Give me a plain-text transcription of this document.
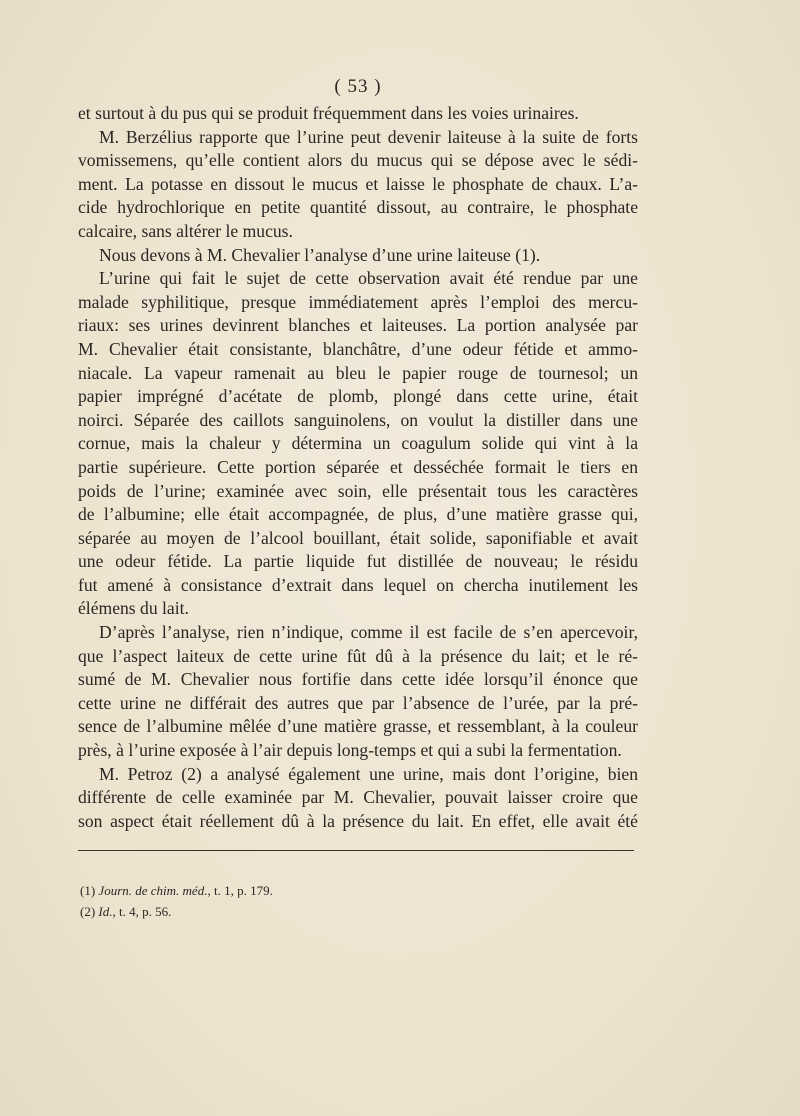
( 53 )
et surtout à du pus qui se produit fréquemment dans les voies urinaires.
M. Berzélius rapporte que l’urine peut devenir laiteuse à la suite de forts
vomissemens, qu’elle contient alors du mucus qui se dépose avec le sédi-
ment. La potasse en dissout le mucus et laisse le phosphate de chaux. L’a-
cide hydrochlorique en petite quantité dissout, au contraire, le phosphate
calcaire, sans altérer le mucus.
Nous devons à M. Chevalier l’analyse d’une urine laiteuse (1).
L’urine qui fait le sujet de cette observation avait été rendue par une
malade syphilitique, presque immédiatement après l’emploi des mercu-
riaux: ses urines devinrent blanches et laiteuses. La portion analysée par
M. Chevalier était consistante, blanchâtre, d’une odeur fétide et ammo-
niacale. La vapeur ramenait au bleu le papier rouge de tournesol; un
papier imprégné d’acétate de plomb, plongé dans cette urine, était
noirci. Séparée des caillots sanguinolens, on voulut la distiller dans une
cornue, mais la chaleur y détermina un coagulum solide qui vint à la
partie supérieure. Cette portion séparée et desséchée formait le tiers en
poids de l’urine; examinée avec soin, elle présentait tous les caractères
de l’albumine; elle était accompagnée, de plus, d’une matière grasse qui,
séparée au moyen de l’alcool bouillant, était solide, saponifiable et avait
une odeur fétide. La partie liquide fut distillée de nouveau; le résidu
fut amené à consistance d’extrait dans lequel on chercha inutilement les
élémens du lait.
D’après l’analyse, rien n’indique, comme il est facile de s’en apercevoir,
que l’aspect laiteux de cette urine fût dû à la présence du lait; et le ré-
sumé de M. Chevalier nous fortifie dans cette idée lorsqu’il énonce que
cette urine ne différait des autres que par l’absence de l’urée, par la pré-
sence de l’albumine mêlée d’une matière grasse, et ressemblant, à la couleur
près, à l’urine exposée à l’air depuis long-temps et qui a subi la fermentation.
M. Petroz (2) a analysé également une urine, mais dont l’origine, bien
différente de celle examinée par M. Chevalier, pouvait laisser croire que
son aspect était réellement dû à la présence du lait. En effet, elle avait été
(1) Journ. de chim. méd., t. 1, p. 179.
(2) Id., t. 4, p. 56.
